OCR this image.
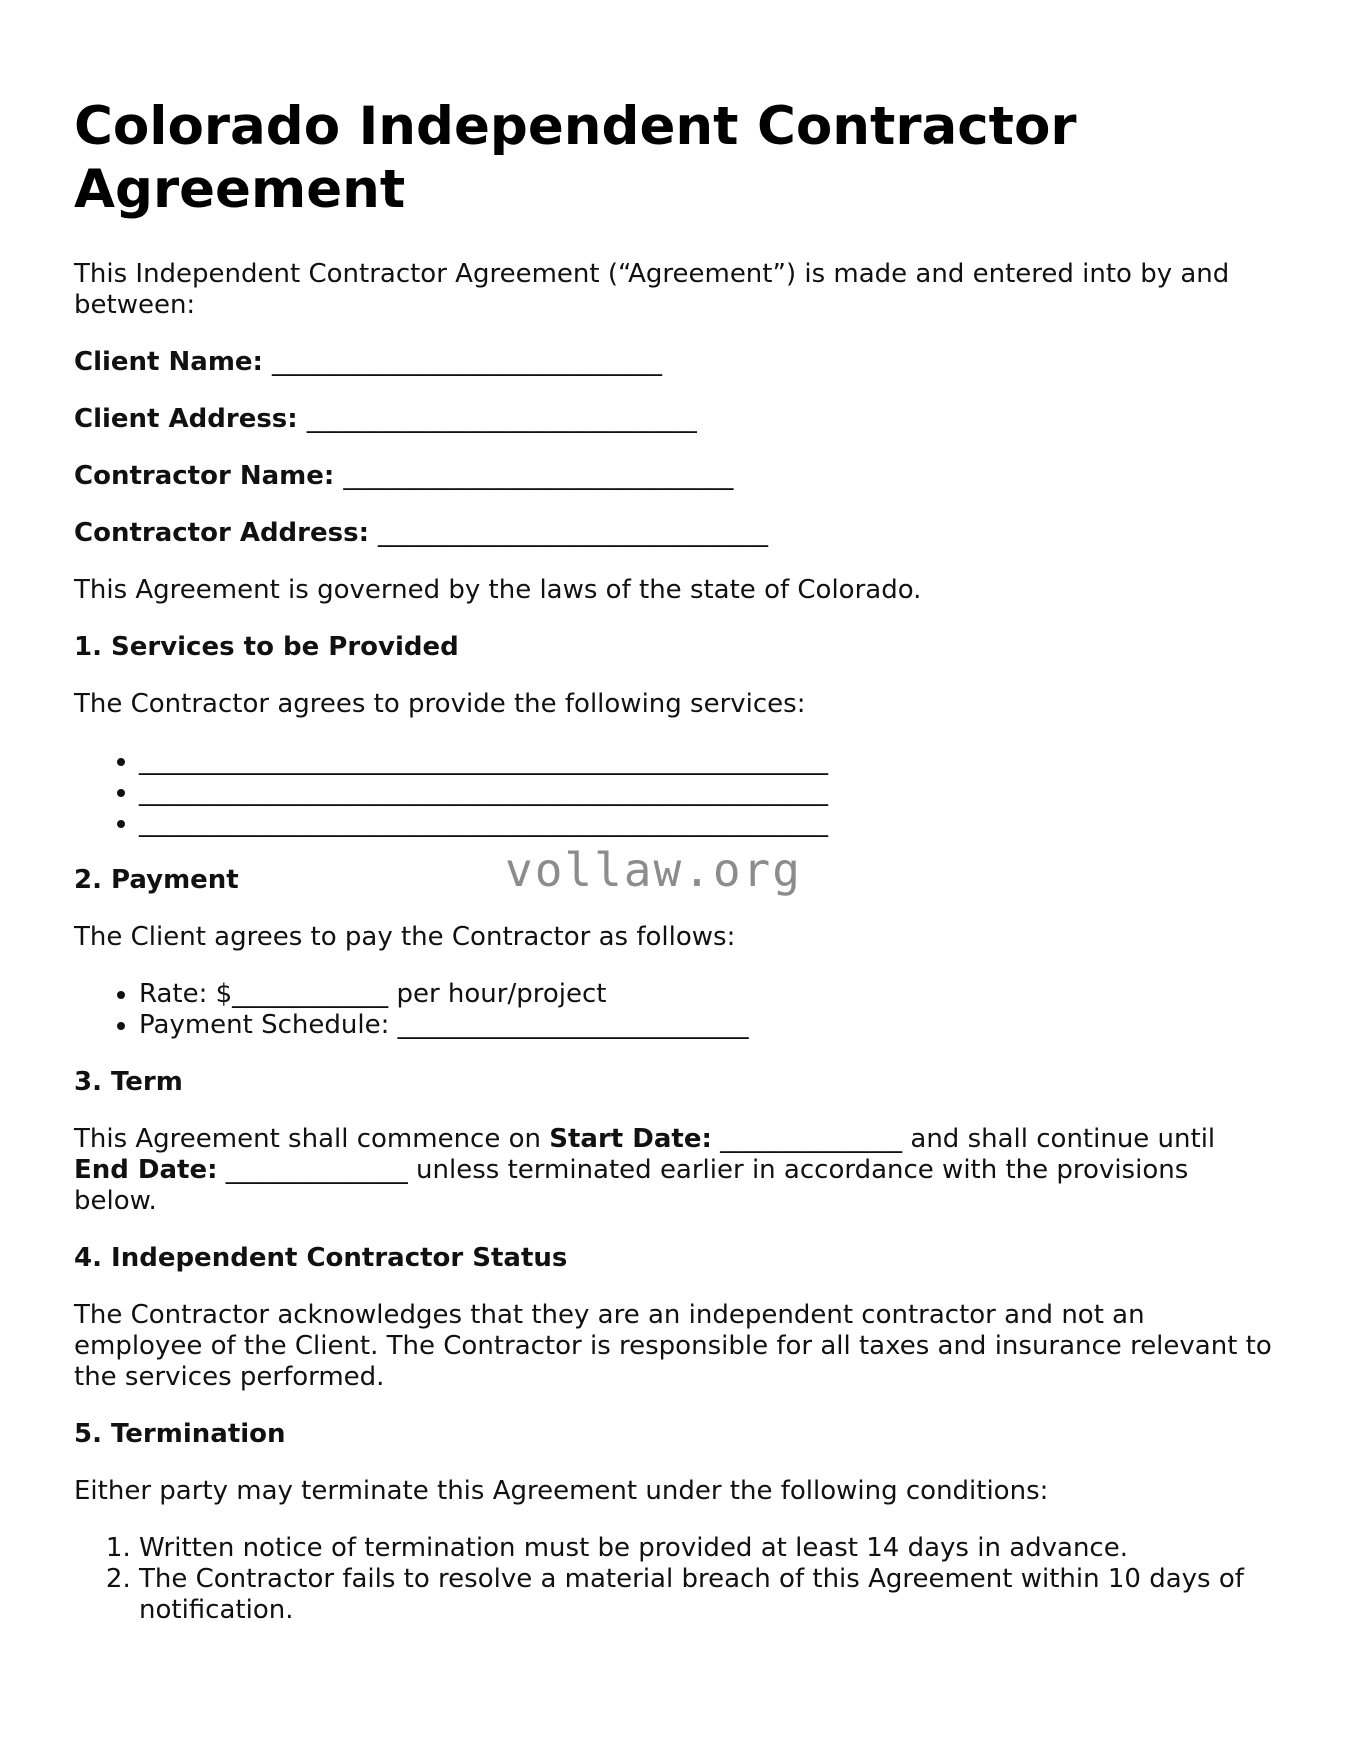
Colorado Independent Contractor Agreement

This Independent Contractor Agreement (“Agreement”) is made and entered into by and between:

Client Name: ______________________________

Client Address: ______________________________

Contractor Name: ______________________________

Contractor Address: ______________________________

This Agreement is governed by the laws of the state of Colorado.

1. Services to be Provided

The Contractor agrees to provide the following services:

• _____________________________________________________
• _____________________________________________________
• _____________________________________________________
2. Payment

The Client agrees to pay the Contractor as follows:

• Rate: $____________ per hour/project
• Payment Schedule: ___________________________
3. Term

This Agreement shall commence on Start Date: ______________ and shall continue until End Date: ______________ unless terminated earlier in accordance with the provisions below.

4. Independent Contractor Status

The Contractor acknowledges that they are an independent contractor and not an employee of the Client. The Contractor is responsible for all taxes and insurance relevant to the services performed.

5. Termination

Either party may terminate this Agreement under the following conditions:

1. Written notice of termination must be provided at least 14 days in advance.
2. The Contractor fails to resolve a material breach of this Agreement within 10 days of notification.
vollaw.org
